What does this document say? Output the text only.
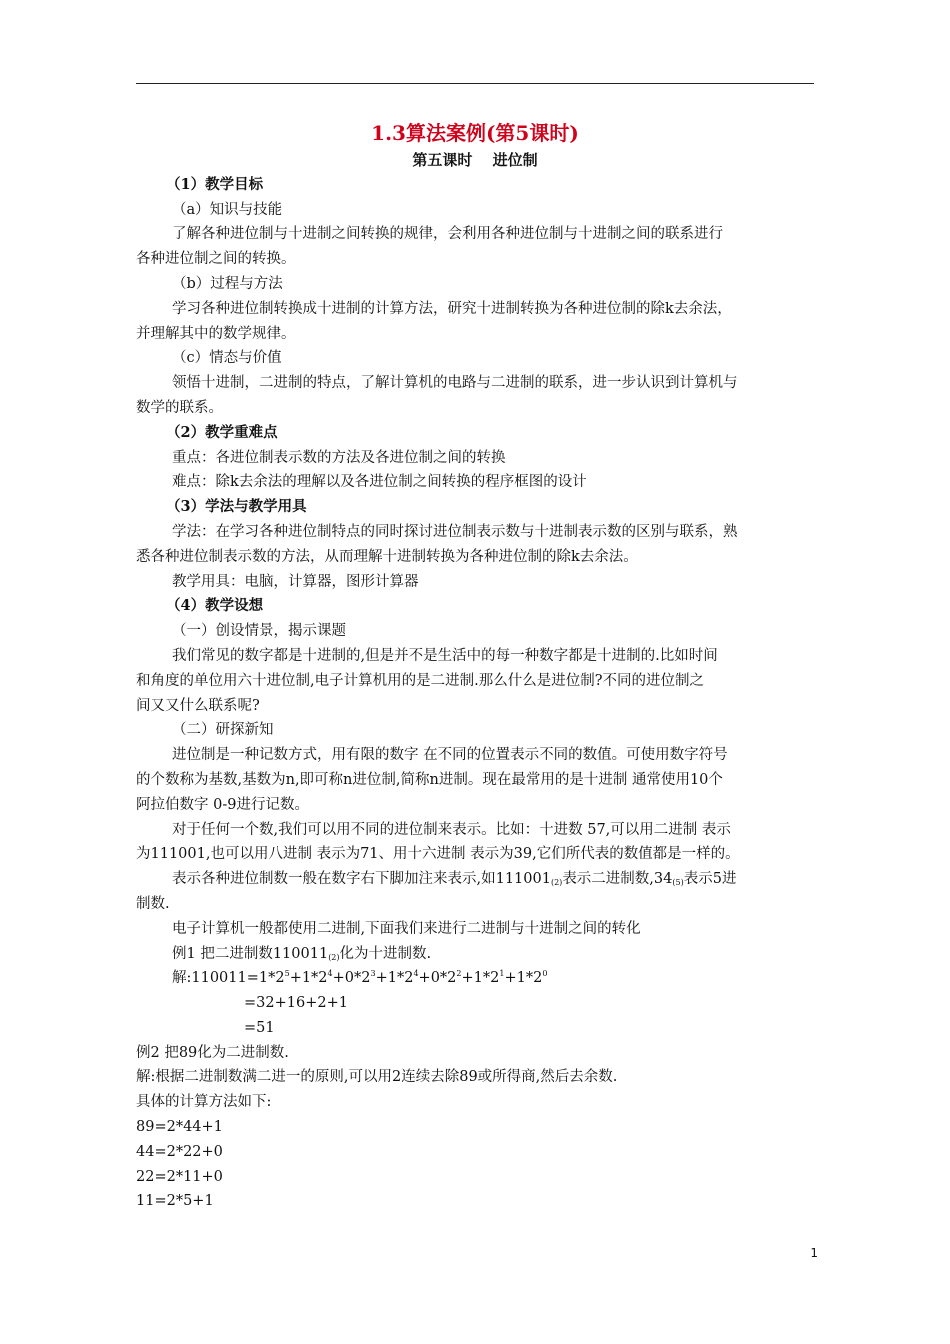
1.3算法案例(第5课时)
第五课时　 进位制
（1）教学目标
（a）知识与技能
了解各种进位制与十进制之间转换的规律，会利用各种进位制与十进制之间的联系进行
各种进位制之间的转换。
（b）过程与方法
学习各种进位制转换成十进制的计算方法，研究十进制转换为各种进位制的除k去余法，
并理解其中的数学规律。
（c）情态与价值
领悟十进制，二进制的特点，了解计算机的电路与二进制的联系，进一步认识到计算机与
数学的联系。
（2）教学重难点
重点：各进位制表示数的方法及各进位制之间的转换
难点：除k去余法的理解以及各进位制之间转换的程序框图的设计
（3）学法与教学用具
学法：在学习各种进位制特点的同时探讨进位制表示数与十进制表示数的区别与联系，熟
悉各种进位制表示数的方法，从而理解十进制转换为各种进位制的除k去余法。
教学用具：电脑，计算器，图形计算器
（4）教学设想
（一）创设情景，揭示课题
我们常见的数字都是十进制的,但是并不是生活中的每一种数字都是十进制的.比如时间
和角度的单位用六十进位制,电子计算机用的是二进制.那么什么是进位制?不同的进位制之
间又又什么联系呢?
（二）研探新知
进位制是一种记数方式，用有限的数字 在不同的位置表示不同的数值。可使用数字符号
的个数称为基数,基数为n,即可称n进位制,简称n进制。现在最常用的是十进制 通常使用10个
阿拉伯数字 0-9进行记数。
对于任何一个数,我们可以用不同的进位制来表示。比如：十进数 57,可以用二进制 表示
为111001,也可以用八进制 表示为71、用十六进制 表示为39,它们所代表的数值都是一样的。
表示各种进位制数一般在数字右下脚加注来表示,如$111001_{(2)}$表示二进制数$,34_{(5)}$表示5进
制数.
电子计算机一般都使用二进制,下面我们来进行二进制与十进制之间的转化
例1 把二进制数$110011_{(2)}$化为十进制数.
解$:110011=1*2^5+1*2^4+0*2^3+1*2^4+0*2^2+1*2^1+1*2^0$
=32+16+2+1
=51
例2 把89化为二进制数.
解:根据二进制数满二进一的原则,可以用2连续去除89或所得商,然后去余数.
具体的计算方法如下:
89=2*44+1
44=2*22+0
22=2*11+0
11=2*5+1
1
